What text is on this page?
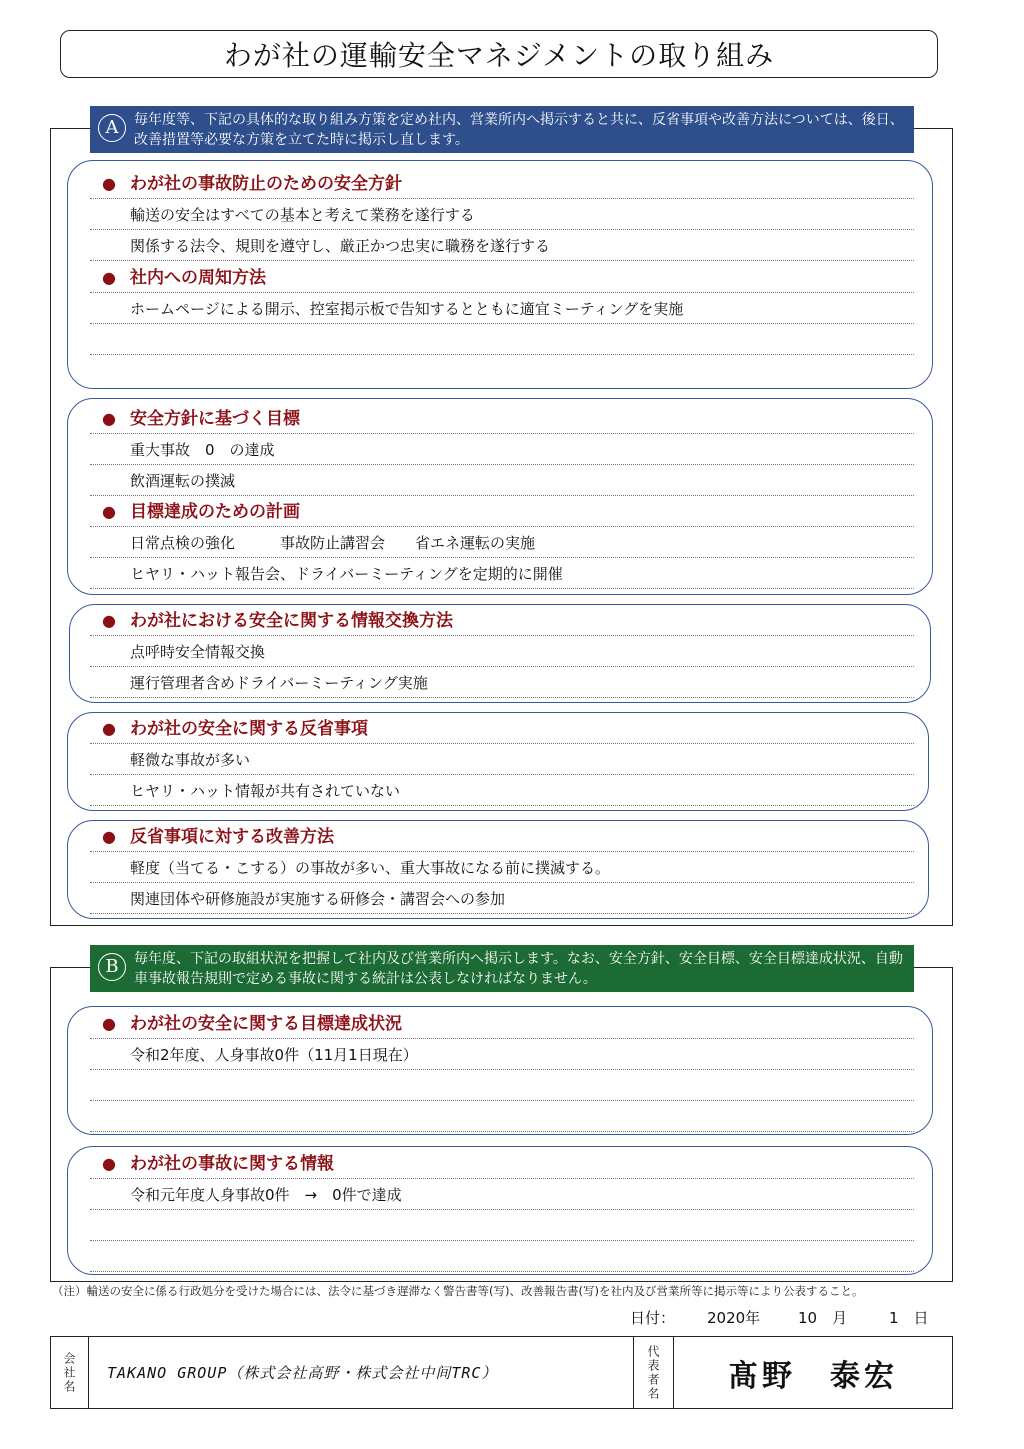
わが社の運輸安全マネジメントの取り組み
A	毎年度等、下記の具体的な取り組み方策を定め社内、営業所内へ掲示すると共に、反省事項や改善方法については、後日、改善措置等必要な方策を立てた時に掲示し直します。
● わが社の事故防止のための安全方針
輸送の安全はすべての基本と考えて業務を遂行する
関係する法令、規則を遵守し、厳正かつ忠実に職務を遂行する
● 社内への周知方法
ホームページによる開示、控室掲示板で告知するとともに適宜ミーティングを実施
● 安全方針に基づく目標
重大事故　0　の達成
飲酒運転の撲滅
● 目標達成のための計画
日常点検の強化　　　事故防止講習会　　省エネ運転の実施
ヒヤリ・ハット報告会、ドライバーミーティングを定期的に開催
● わが社における安全に関する情報交換方法
点呼時安全情報交換
運行管理者含めドライバーミーティング実施
● わが社の安全に関する反省事項
軽微な事故が多い
ヒヤリ・ハット情報が共有されていない
● 反省事項に対する改善方法
軽度（当てる・こする）の事故が多い、重大事故になる前に撲滅する。
関連団体や研修施設が実施する研修会・講習会への参加
B	毎年度、下記の取組状況を把握して社内及び営業所内へ掲示します。なお、安全方針、安全目標、安全目標達成状況、自動車事故報告規則で定める事故に関する統計は公表しなければなりません。
● わが社の安全に関する目標達成状況
令和2年度、人身事故0件（11月1日現在）
● わが社の事故に関する情報
令和元年度人身事故0件　→　0件で達成
（注）輸送の安全に係る行政処分を受けた場合には、法令に基づき遅滞なく警告書等(写)、改善報告書(写)を社内及び営業所等に掲示等により公表すること。
日付： 2020年	10　月	1　日
会社名	TAKANO GROUP（株式会社高野・株式会社中间TRC）	代表者名	髙野　泰宏
